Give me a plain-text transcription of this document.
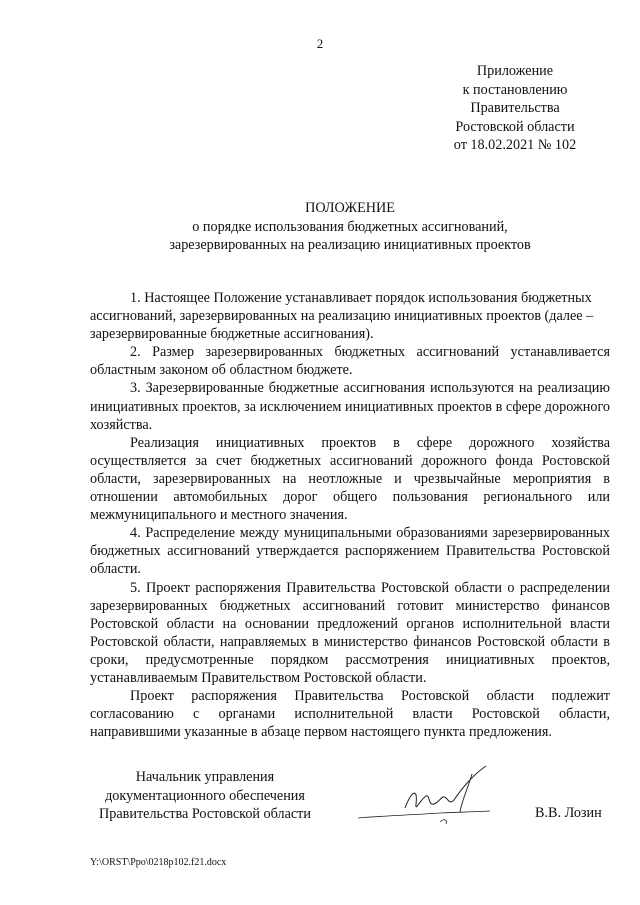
2
Приложение
к постановлению
Правительства
Ростовской области
от 18.02.2021 № 102
ПОЛОЖЕНИЕ
о порядке использования бюджетных ассигнований,
зарезервированных на реализацию инициативных проектов

1. Настоящее Положение устанавливает порядок использования бюджетных ассигнований, зарезервированных на реализацию инициативных проектов (далее – зарезервированные бюджетные ассигнования).

2. Размер зарезервированных бюджетных ассигнований устанавливается областным законом об областном бюджете.

3. Зарезервированные бюджетные ассигнования используются на реализацию инициативных проектов, за исключением инициативных проектов в сфере дорожного хозяйства.

Реализация инициативных проектов в сфере дорожного хозяйства осуществляется за счет бюджетных ассигнований дорожного фонда Ростовской области, зарезервированных на неотложные и чрезвычайные мероприятия в отношении автомобильных дорог общего пользования регионального или межмуниципального и местного значения.

4. Распределение между муниципальными образованиями зарезервированных бюджетных ассигнований утверждается распоряжением Правительства Ростовской области.

5. Проект распоряжения Правительства Ростовской области о распределении зарезервированных бюджетных ассигнований готовит министерство финансов Ростовской области на основании предложений органов исполнительной власти Ростовской области, направляемых в министерство финансов Ростовской области в сроки, предусмотренные порядком рассмотрения инициативных проектов, устанавливаемым Правительством Ростовской области.

Проект распоряжения Правительства Ростовской области подлежит согласованию с органами исполнительной власти Ростовской области, направившими указанные в абзаце первом настоящего пункта предложения.

Начальник управления
документационного обеспечения
Правительства Ростовской области	В.В. Лозин
Y:\ORST\Ppo\0218p102.f21.docx
